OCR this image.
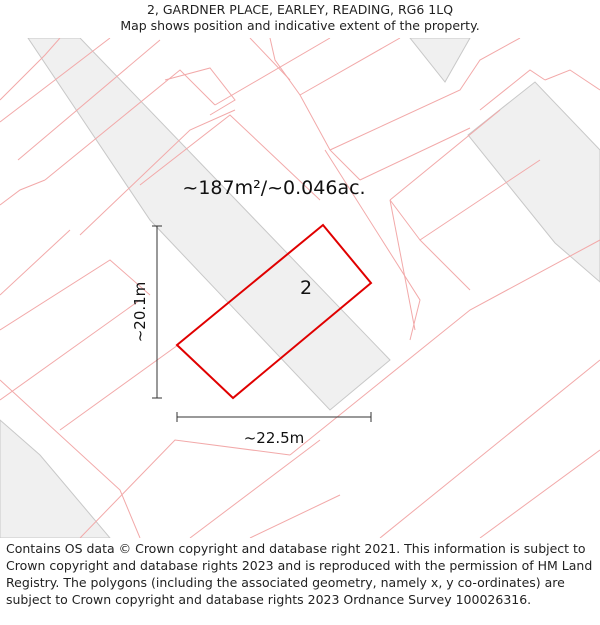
2, GARDNER PLACE, EARLEY, READING, RG6 1LQ
Map shows position and indicative extent of the property.
~187m²/~0.046ac.
2
~22.5m
~20.1m
Contains OS data © Crown copyright and database right 2021. This information is subject to Crown copyright and database rights 2023 and is reproduced with the permission of HM Land Registry. The polygons (including the associated geometry, namely x, y co-ordinates) are subject to Crown copyright and database rights 2023 Ordnance Survey 100026316.
